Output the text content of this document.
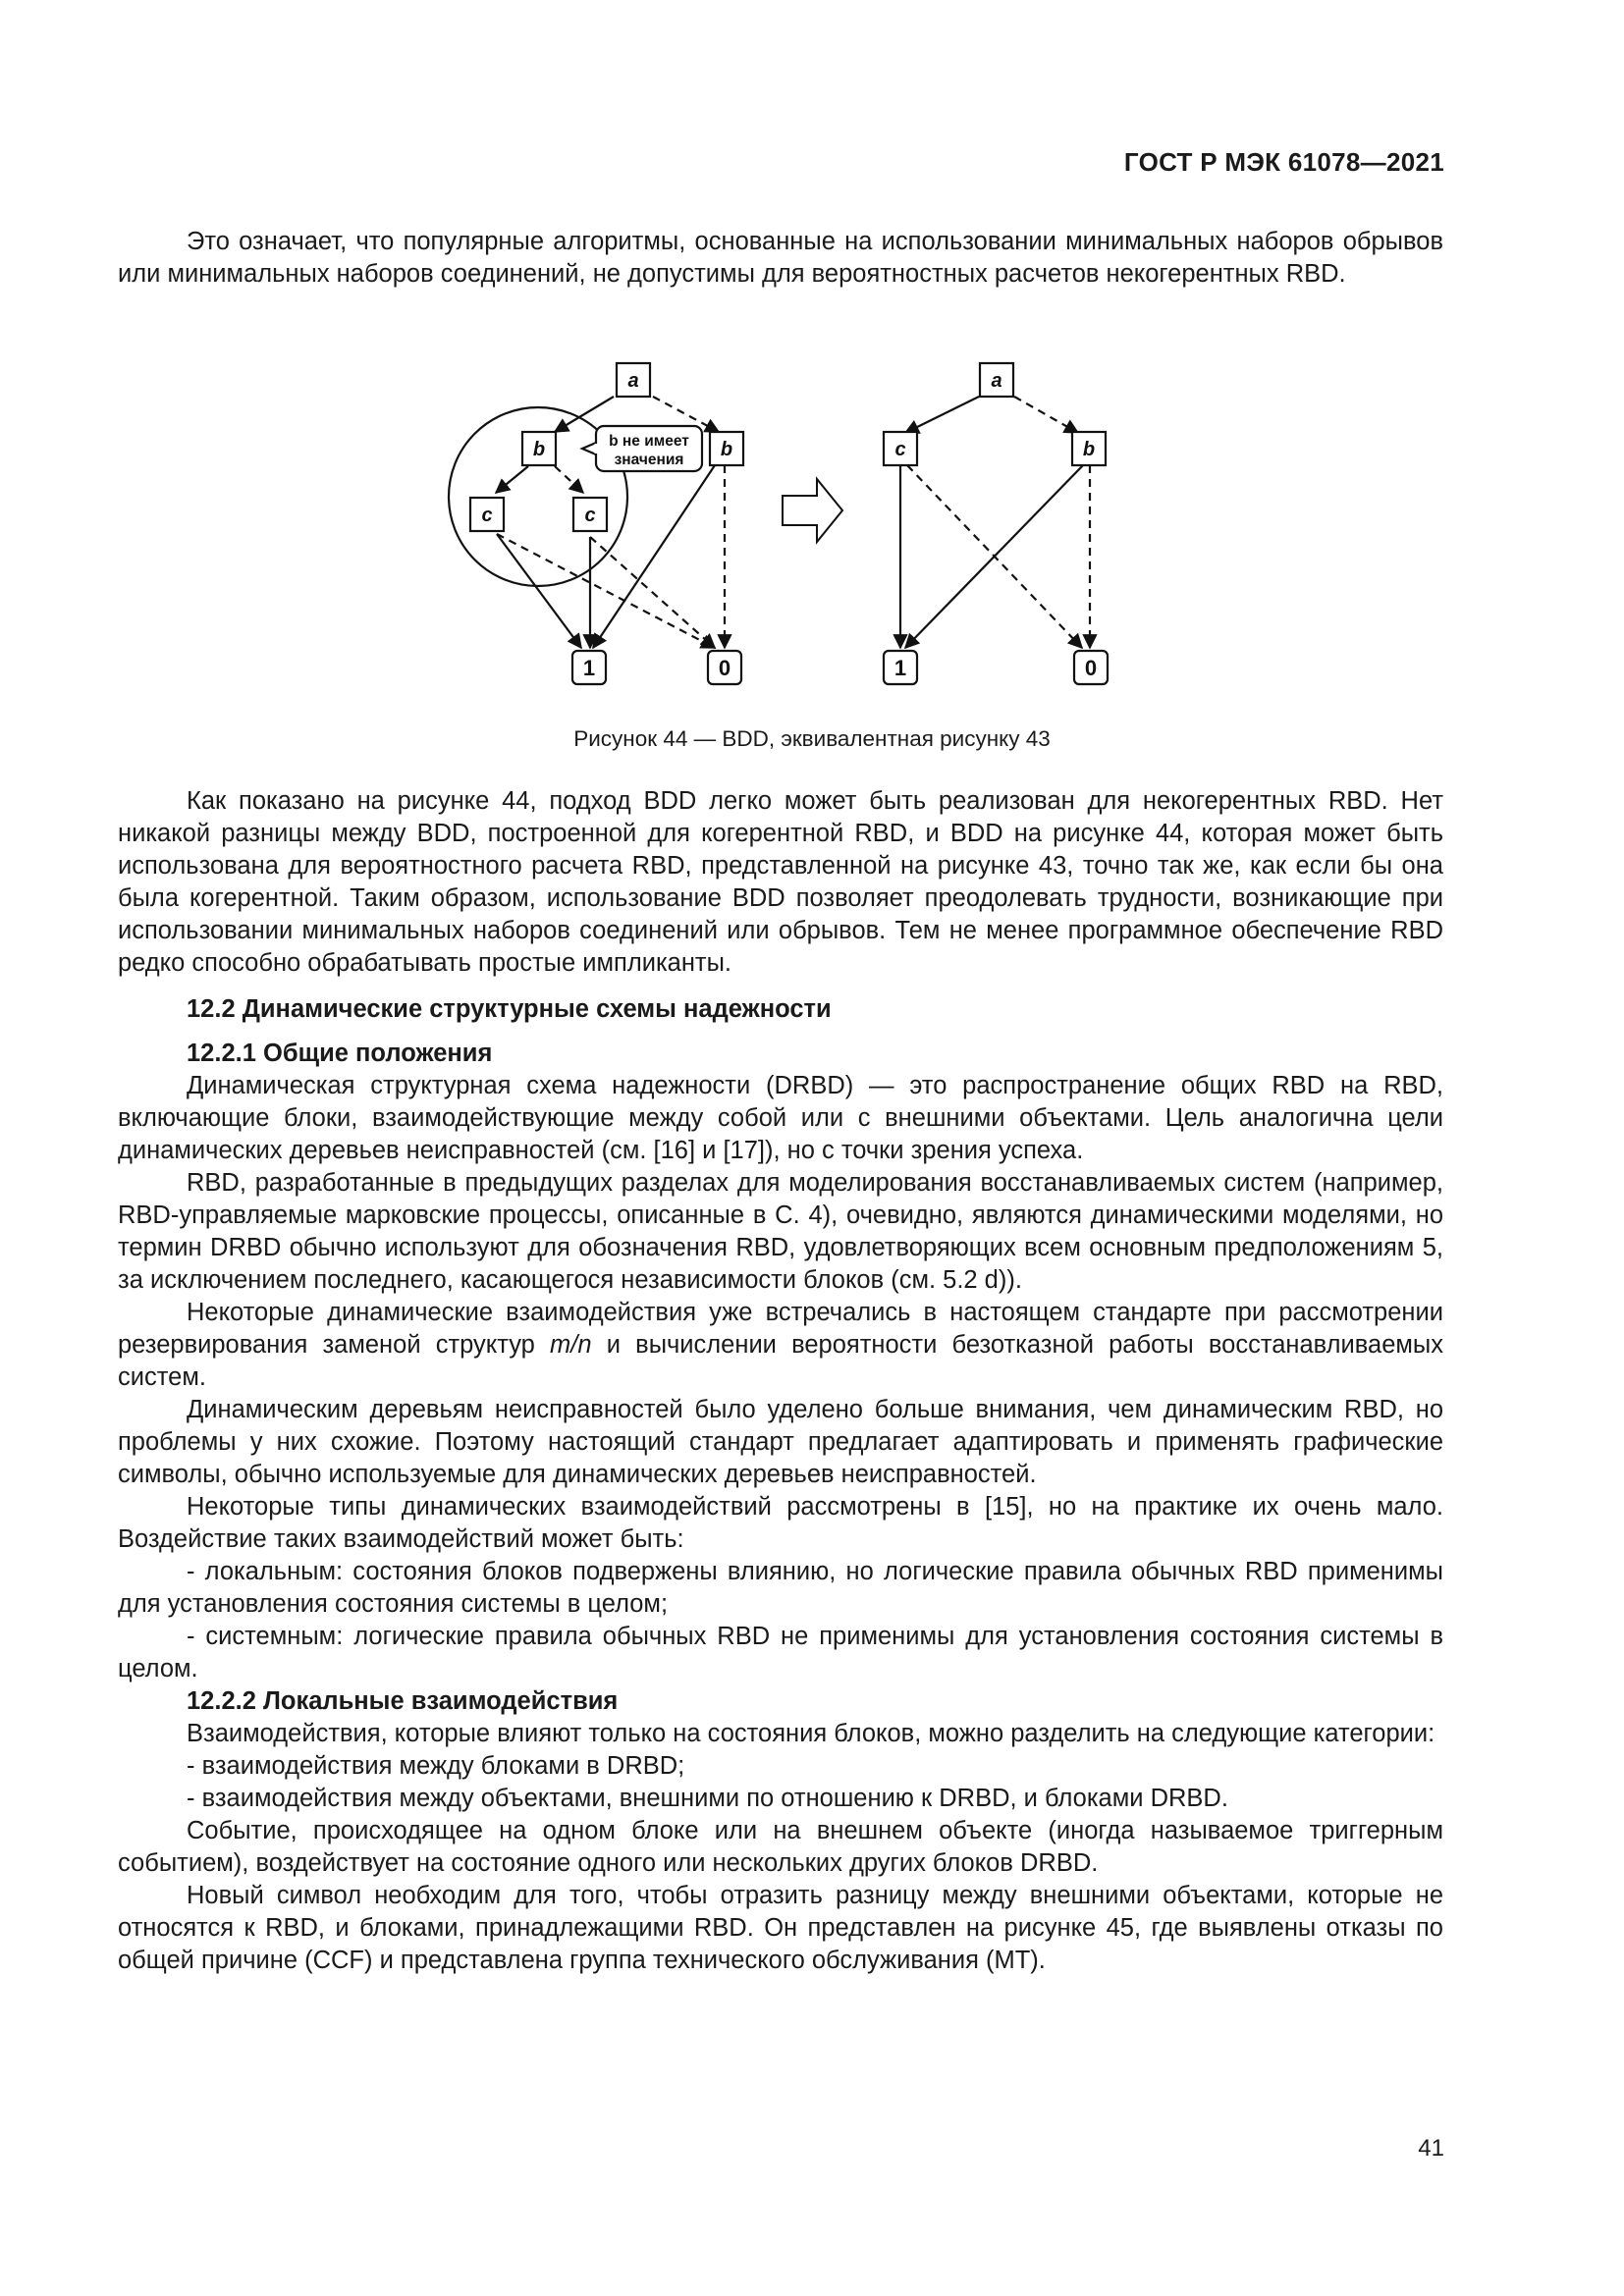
ГОСТ Р МЭК 61078—2021

Это означает, что популярные алгоритмы, основанные на использовании минимальных наборов обрывов или минимальных наборов соединений, не допустимы для вероятностных расчетов некогерентных RBD.

a
b	b
c	c
a
c	b
1	0	1	0
b не имеет
значения
Рисунок 44 — BDD, эквивалентная рисунку 43

Как показано на рисунке 44, подход BDD легко может быть реализован для некогерентных RBD. Нет никакой разницы между BDD, построенной для когерентной RBD, и BDD на рисунке 44, которая может быть использована для вероятностного расчета RBD, представленной на рисунке 43, точно так же, как если бы она была когерентной. Таким образом, использование BDD позволяет преодолевать трудности, возникающие при использовании минимальных наборов соединений или обрывов. Тем не менее программное обеспечение RBD редко способно обрабатывать простые импликанты.

12.2 Динамические структурные схемы надежности

12.2.1 Общие положения

Динамическая структурная схема надежности (DRBD) — это распространение общих RBD на RBD, включающие блоки, взаимодействующие между собой или с внешними объектами. Цель аналогична цели динамических деревьев неисправностей (см. [16] и [17]), но с точки зрения успеха.

RBD, разработанные в предыдущих разделах для моделирования восстанавливаемых систем (например, RBD-управляемые марковские процессы, описанные в С. 4), очевидно, являются динамическими моделями, но термин DRBD обычно используют для обозначения RBD, удовлетворяющих всем основным предположениям 5, за исключением последнего, касающегося независимости блоков (см. 5.2 d)).

Некоторые динамические взаимодействия уже встречались в настоящем стандарте при рассмотрении резервирования заменой структур m/n и вычислении вероятности безотказной работы восстанавливаемых систем.

Динамическим деревьям неисправностей было уделено больше внимания, чем динамическим RBD, но проблемы у них схожие. Поэтому настоящий стандарт предлагает адаптировать и применять графические символы, обычно используемые для динамических деревьев неисправностей.

Некоторые типы динамических взаимодействий рассмотрены в [15], но на практике их очень мало. Воздействие таких взаимодействий может быть:

- локальным: состояния блоков подвержены влиянию, но логические правила обычных RBD применимы для установления состояния системы в целом;

- системным: логические правила обычных RBD не применимы для установления состояния системы в целом.

12.2.2 Локальные взаимодействия

Взаимодействия, которые влияют только на состояния блоков, можно разделить на следующие категории:

- взаимодействия между блоками в DRBD;

- взаимодействия между объектами, внешними по отношению к DRBD, и блоками DRBD.

Событие, происходящее на одном блоке или на внешнем объекте (иногда называемое триггерным событием), воздействует на состояние одного или нескольких других блоков DRBD.

Новый символ необходим для того, чтобы отразить разницу между внешними объектами, которые не относятся к RBD, и блоками, принадлежащими RBD. Он представлен на рисунке 45, где выявлены отказы по общей причине (CCF) и представлена группа технического обслуживания (MT).

41
